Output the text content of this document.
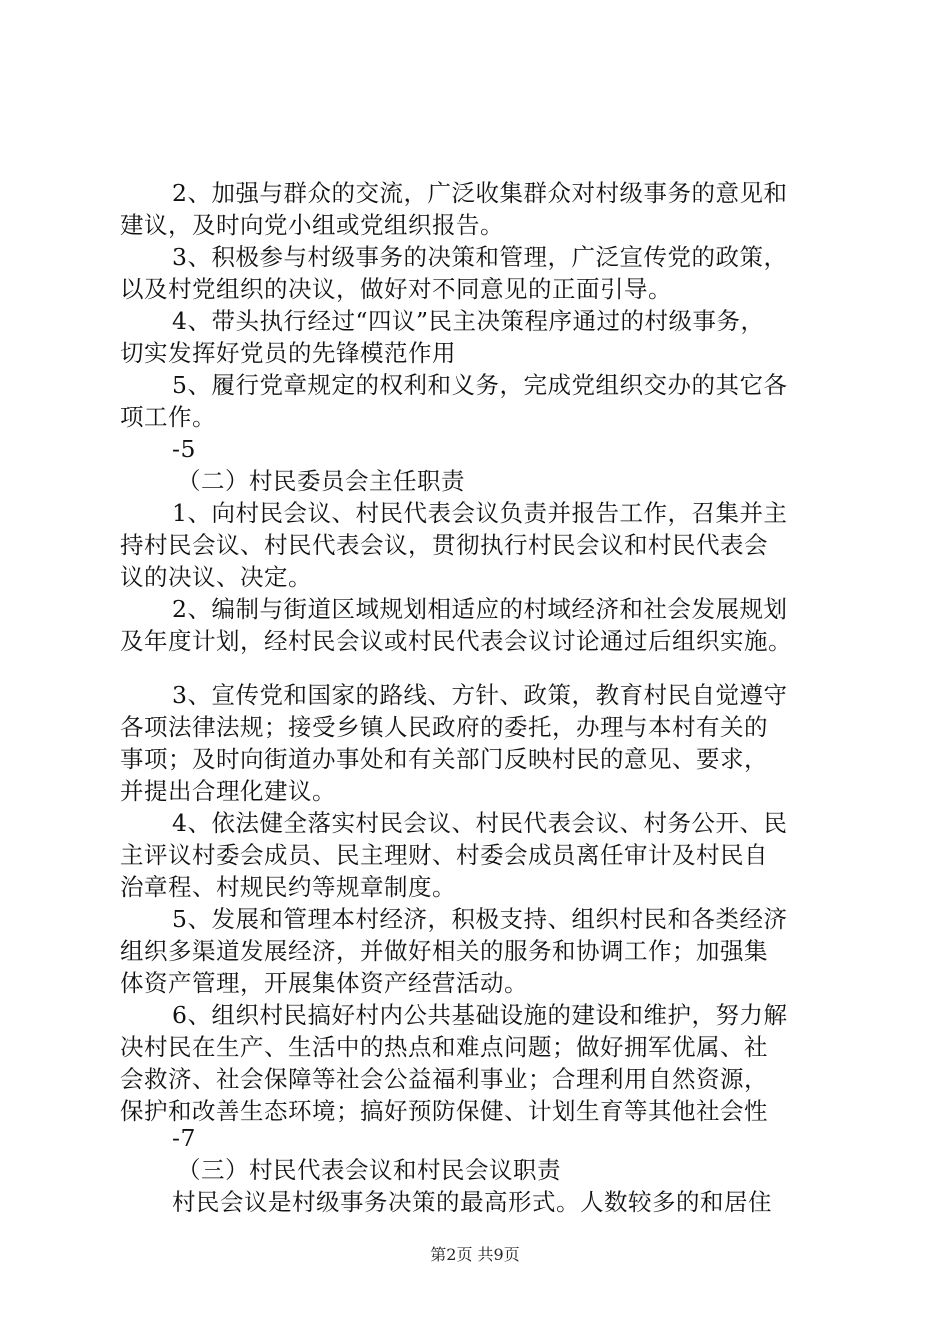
2、加强与群众的交流，广泛收集群众对村级事务的意见和

建议，及时向党小组或党组织报告。

3、积极参与村级事务的决策和管理，广泛宣传党的政策，

以及村党组织的决议，做好对不同意见的正面引导。

4、带头执行经过“四议”民主决策程序通过的村级事务，

切实发挥好党员的先锋模范作用

5、履行党章规定的权利和义务，完成党组织交办的其它各

项工作。

-5

（二）村民委员会主任职责

1、向村民会议、村民代表会议负责并报告工作，召集并主

持村民会议、村民代表会议，贯彻执行村民会议和村民代表会

议的决议、决定。

2、编制与街道区域规划相适应的村域经济和社会发展规划

及年度计划，经村民会议或村民代表会议讨论通过后组织实施。

3、宣传党和国家的路线、方针、政策，教育村民自觉遵守

各项法律法规；接受乡镇人民政府的委托，办理与本村有关的

事项；及时向街道办事处和有关部门反映村民的意见、要求，

并提出合理化建议。

4、依法健全落实村民会议、村民代表会议、村务公开、民

主评议村委会成员、民主理财、村委会成员离任审计及村民自

治章程、村规民约等规章制度。

5、发展和管理本村经济，积极支持、组织村民和各类经济

组织多渠道发展经济，并做好相关的服务和协调工作；加强集

体资产管理，开展集体资产经营活动。

6、组织村民搞好村内公共基础设施的建设和维护，努力解

决村民在生产、生活中的热点和难点问题；做好拥军优属、社

会救济、社会保障等社会公益福利事业；合理利用自然资源，

保护和改善生态环境；搞好预防保健、计划生育等其他社会性

-7

（三）村民代表会议和村民会议职责

村民会议是村级事务决策的最高形式。人数较多的和居住

第2页 共9页
